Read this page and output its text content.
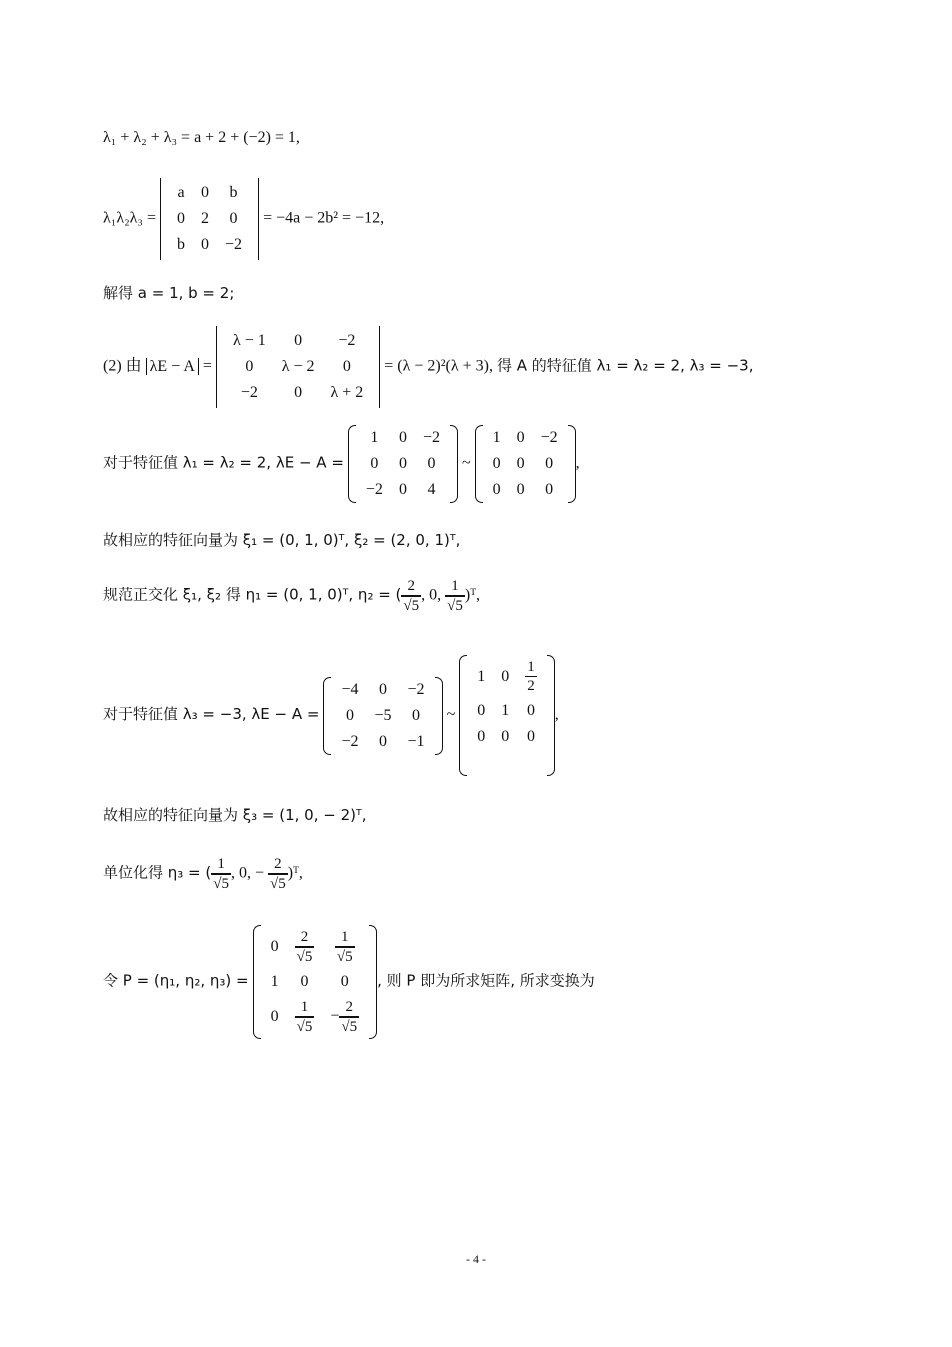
λ₁ + λ₂ + λ₃ = a + 2 + (−2) = 1,
λ₁λ₂λ₃ =
a	0	b
0	2	0
b	0	−2
= −4a − 2b² = −12,
解得 a = 1, b = 2;
(2) 由 λE − A =
λ − 1	0	−2
0	λ − 2	0
−2	0	λ + 2
= (λ − 2)²(λ + 3), 得 A 的特征值 λ₁ = λ₂ = 2, λ₃ = −3,
对于特征值 λ₁ = λ₂ = 2, λE − A =
1	0	−2
0	0	0
−2	0	4
~
1	0	−2
0	0	0
0	0	0
,
故相应的特征向量为 ξ₁ = (0, 1, 0)ᵀ, ξ₂ = (2, 0, 1)ᵀ,
规范正交化 ξ₁, ξ₂ 得 η₁ = (0, 1, 0)ᵀ, η₂ = ( $\frac{2}{√5}$ , 0, $\frac{1}{√5}$ )ᵀ,
对于特征值 λ₃ = −3, λE − A =
−4	0	−2
0	−5	0
−2	0	−1
~
1	0	$\frac{1}{2}$

0	1	0
0	0	0

,
故相应的特征向量为 ξ₃ = (1, 0, − 2)ᵀ,
单位化得 η₃ = ( $\frac{1}{√5}$ , 0, − $\frac{2}{√5}$ )ᵀ,
令 P = (η₁, η₂, η₃) =
0	$\frac{2}{√5}$	$\frac{1}{√5}$

1	0	0
0	$\frac{1}{√5}$	− $\frac{2}{√5}$
, 则 P 即为所求矩阵, 所求变换为
- 4 -
